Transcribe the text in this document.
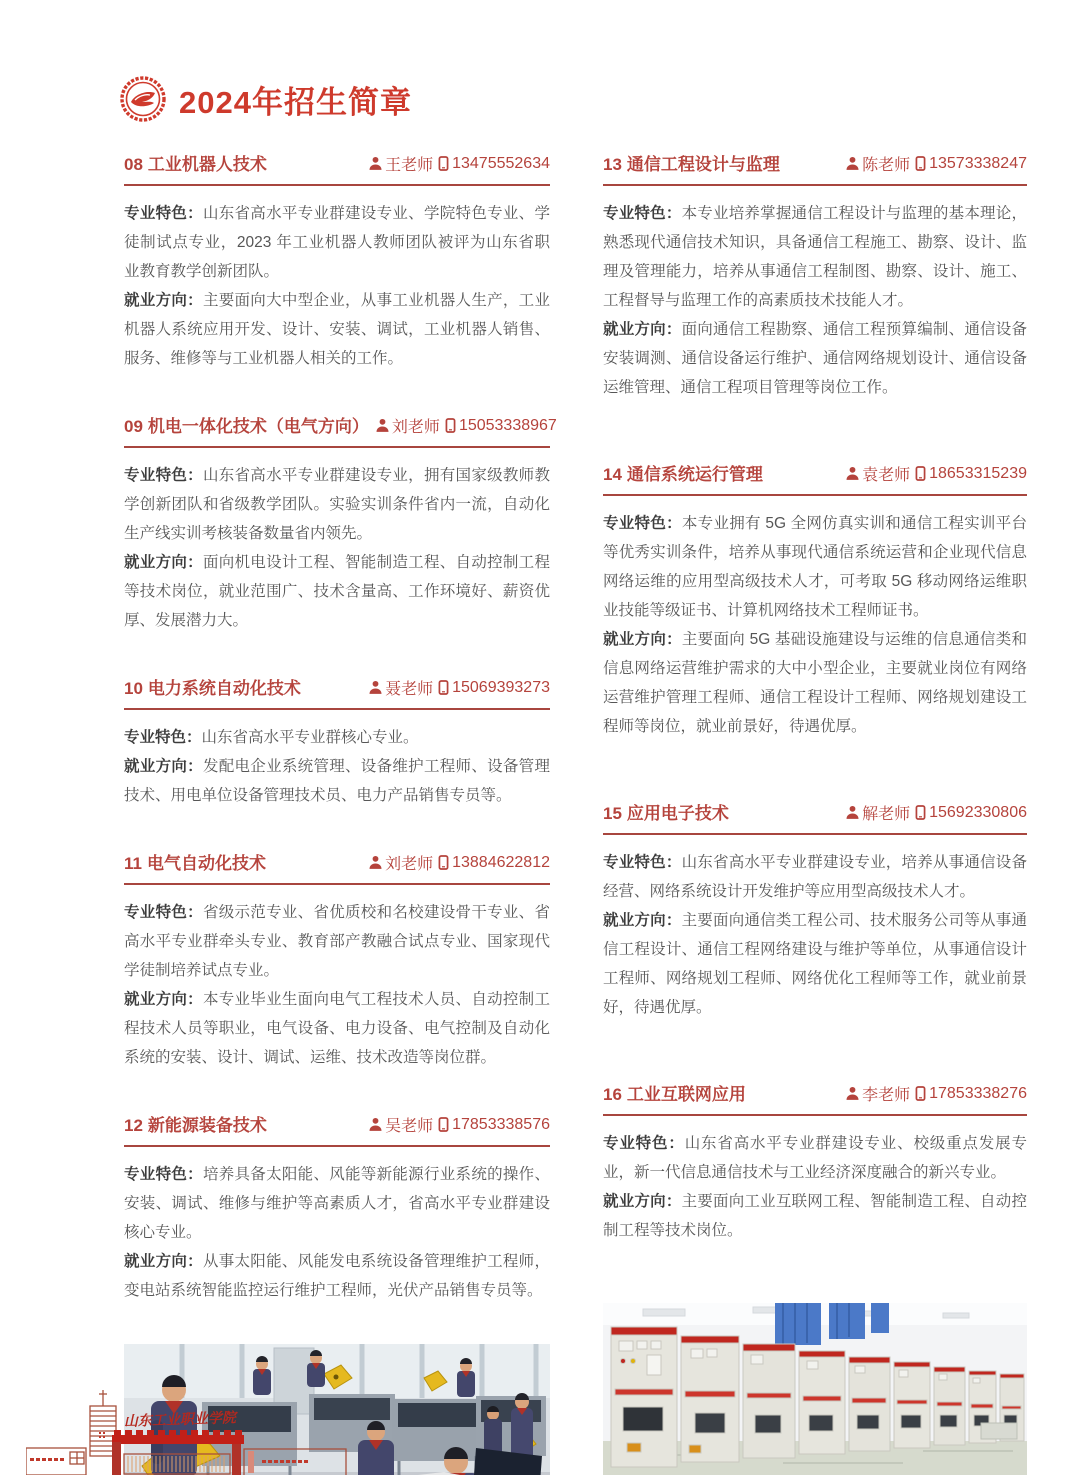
2024年招生简章
08 工业机器人技术	王老师 13475552634

专业特色：山东省高水平专业群建设专业、学院特色专业、学徒制试点专业，2023 年工业机器人教师团队被评为山东省职业教育教学创新团队。

就业方向：主要面向大中型企业，从事工业机器人生产，工业机器人系统应用开发、设计、安装、调试，工业机器人销售、服务、维修等与工业机器人相关的工作。

09 机电一体化技术（电气方向） 刘老师 15053338967

专业特色：山东省高水平专业群建设专业，拥有国家级教师教学创新团队和省级教学团队。实验实训条件省内一流，自动化生产线实训考核装备数量省内领先。

就业方向：面向机电设计工程、智能制造工程、自动控制工程等技术岗位，就业范围广、技术含量高、工作环境好、薪资优厚、发展潜力大。

10 电力系统自动化技术	聂老师 15069393273

专业特色：山东省高水平专业群核心专业。

就业方向：发配电企业系统管理、设备维护工程师、设备管理技术、用电单位设备管理技术员、电力产品销售专员等。

11 电气自动化技术	刘老师 13884622812

专业特色：省级示范专业、省优质校和名校建设骨干专业、省高水平专业群牵头专业、教育部产教融合试点专业、国家现代学徒制培养试点专业。

就业方向：本专业毕业生面向电气工程技术人员、自动控制工程技术人员等职业，电气设备、电力设备、电气控制及自动化系统的安装、设计、调试、运维、技术改造等岗位群。

12 新能源装备技术	吴老师 17853338576

专业特色：培养具备太阳能、风能等新能源行业系统的操作、安装、调试、维修与维护等高素质人才，省高水平专业群建设核心专业。

就业方向：从事太阳能、风能发电系统设备管理维护工程师，变电站系统智能监控运行维护工程师，光伏产品销售专员等。

13 通信工程设计与监理	陈老师 13573338247

专业特色：本专业培养掌握通信工程设计与监理的基本理论，熟悉现代通信技术知识，具备通信工程施工、勘察、设计、监理及管理能力，培养从事通信工程制图、勘察、设计、施工、工程督导与监理工作的高素质技术技能人才。

就业方向：面向通信工程勘察、通信工程预算编制、通信设备安装调测、通信设备运行维护、通信网络规划设计、通信设备运维管理、通信工程项目管理等岗位工作。

14 通信系统运行管理	袁老师 18653315239

专业特色：本专业拥有 5G 全网仿真实训和通信工程实训平台等优秀实训条件，培养从事现代通信系统运营和企业现代信息网络运维的应用型高级技术人才，可考取 5G 移动网络运维职业技能等级证书、计算机网络技术工程师证书。

就业方向：主要面向 5G 基础设施建设与运维的信息通信类和信息网络运营维护需求的大中小型企业，主要就业岗位有网络运营维护管理工程师、通信工程设计工程师、网络规划建设工程师等岗位，就业前景好，待遇优厚。

15 应用电子技术	解老师 15692330806

专业特色：山东省高水平专业群建设专业，培养从事通信设备经营、网络系统设计开发维护等应用型高级技术人才。

就业方向：主要面向通信类工程公司、技术服务公司等从事通信工程设计、通信工程网络建设与维护等单位，从事通信设计工程师、网络规划工程师、网络优化工程师等工作，就业前景好，待遇优厚。

16 工业互联网应用	李老师 17853338276

专业特色：山东省高水平专业群建设专业、校级重点发展专业，新一代信息通信技术与工业经济深度融合的新兴专业。

就业方向：主要面向工业互联网工程、智能制造工程、自动控制工程等技术岗位。

山东工业职业学院
